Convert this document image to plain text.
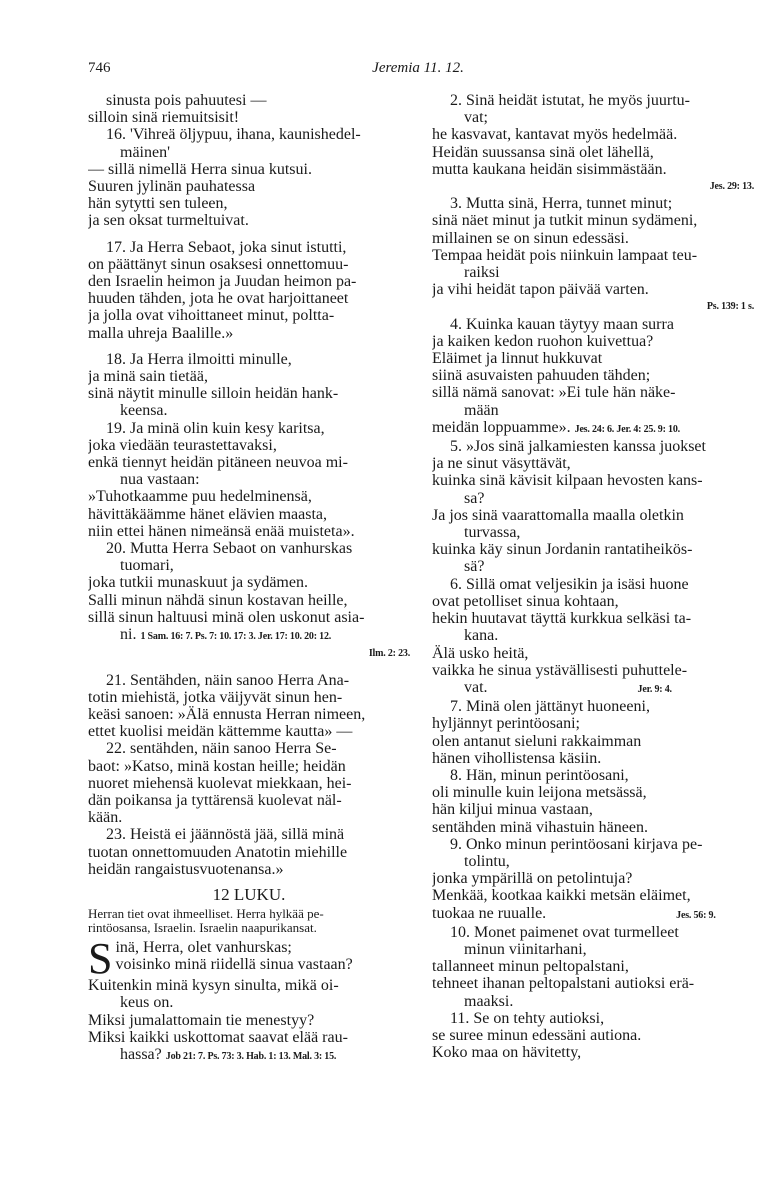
746	Jeremia 11. 12.
sinusta pois pahuutesi —
silloin sinä riemuitsisit!
16. 'Vihreä öljypuu, ihana, kaunishedel-
mäinen'
— sillä nimellä Herra sinua kutsui.
Suuren jylinän pauhatessa
hän sytytti sen tuleen,
ja sen oksat turmeltuivat.
17. Ja Herra Sebaot, joka sinut istutti,
on päättänyt sinun osaksesi onnettomuu-
den Israelin heimon ja Juudan heimon pa-
huuden tähden, jota he ovat harjoittaneet
ja jolla ovat vihoittaneet minut, poltta-
malla uhreja Baalille.»
18. Ja Herra ilmoitti minulle,
ja minä sain tietää,
sinä näytit minulle silloin heidän hank-
keensa.
19. Ja minä olin kuin kesy karitsa,
joka viedään teurastettavaksi,
enkä tiennyt heidän pitäneen neuvoa mi-
nua vastaan:
»Tuhotkaamme puu hedelminensä,
hävittäkäämme hänet elävien maasta,
niin ettei hänen nimeänsä enää muisteta».
20. Mutta Herra Sebaot on vanhurskas
tuomari,
joka tutkii munaskuut ja sydämen.
Salli minun nähdä sinun kostavan heille,
sillä sinun haltuusi minä olen uskonut asia-
ni. 1 Sam. 16: 7. Ps. 7: 10. 17: 3. Jer. 17: 10. 20: 12.
Ilm. 2: 23.
21. Sentähden, näin sanoo Herra Ana-
totin miehistä, jotka väijyvät sinun hen-
keäsi sanoen: »Älä ennusta Herran nimeen,
ettet kuolisi meidän kättemme kautta» —
22. sentähden, näin sanoo Herra Se-
baot: »Katso, minä kostan heille; heidän
nuoret miehensä kuolevat miekkaan, hei-
dän poikansa ja tyttärensä kuolevat näl-
kään.
23. Heistä ei jäännöstä jää, sillä minä
tuotan onnettomuuden Anatotin miehille
heidän rangaistusvuotenansa.»
12 LUKU.
Herran tiet ovat ihmeelliset. Herra hylkää pe-
rintöosansa, Israelin. Israelin naapurikansat.
S inä, Herra, olet vanhurskas;
voisinko minä riidellä sinua vastaan?
Kuitenkin minä kysyn sinulta, mikä oi-
keus on.
Miksi jumalattomain tie menestyy?
Miksi kaikki uskottomat saavat elää rau-
hassa? Job 21: 7. Ps. 73: 3. Hab. 1: 13. Mal. 3: 15.
2. Sinä heidät istutat, he myös juurtu-
vat;
he kasvavat, kantavat myös hedelmää.
Heidän suussansa sinä olet lähellä,
mutta kaukana heidän sisimmästään.
Jes. 29: 13.
3. Mutta sinä, Herra, tunnet minut;
sinä näet minut ja tutkit minun sydämeni,
millainen se on sinun edessäsi.
Tempaa heidät pois niinkuin lampaat teu-
raiksi
ja vihi heidät tapon päivää varten.
Ps. 139: 1 s.
4. Kuinka kauan täytyy maan surra
ja kaiken kedon ruohon kuivettua?
Eläimet ja linnut hukkuvat
siinä asuvaisten pahuuden tähden;
sillä nämä sanovat: »Ei tule hän näke-
mään
meidän loppuamme». Jes. 24: 6. Jer. 4: 25. 9: 10.
5. »Jos sinä jalkamiesten kanssa juokset
ja ne sinut väsyttävät,
kuinka sinä kävisit kilpaan hevosten kans-
sa?
Ja jos sinä vaarattomalla maalla oletkin
turvassa,
kuinka käy sinun Jordanin rantatiheikös-
sä?
6. Sillä omat veljesikin ja isäsi huone
ovat petolliset sinua kohtaan,
hekin huutavat täyttä kurkkua selkäsi ta-
kana.
Älä usko heitä,
vaikka he sinua ystävällisesti puhuttele-
vat.	Jer. 9: 4.
7. Minä olen jättänyt huoneeni,
hyljännyt perintöosani;
olen antanut sieluni rakkaimman
hänen vihollistensa käsiin.
8. Hän, minun perintöosani,
oli minulle kuin leijona metsässä,
hän kiljui minua vastaan,
sentähden minä vihastuin häneen.
9. Onko minun perintöosani kirjava pe-
tolintu,
jonka ympärillä on petolintuja?
Menkää, kootkaa kaikki metsän eläimet,
tuokaa ne ruualle.	Jes. 56: 9.
10. Monet paimenet ovat turmelleet
minun viinitarhani,
tallanneet minun peltopalstani,
tehneet ihanan peltopalstani autioksi erä-
maaksi.
11. Se on tehty autioksi,
se suree minun edessäni autiona.
Koko maa on hävitetty,
